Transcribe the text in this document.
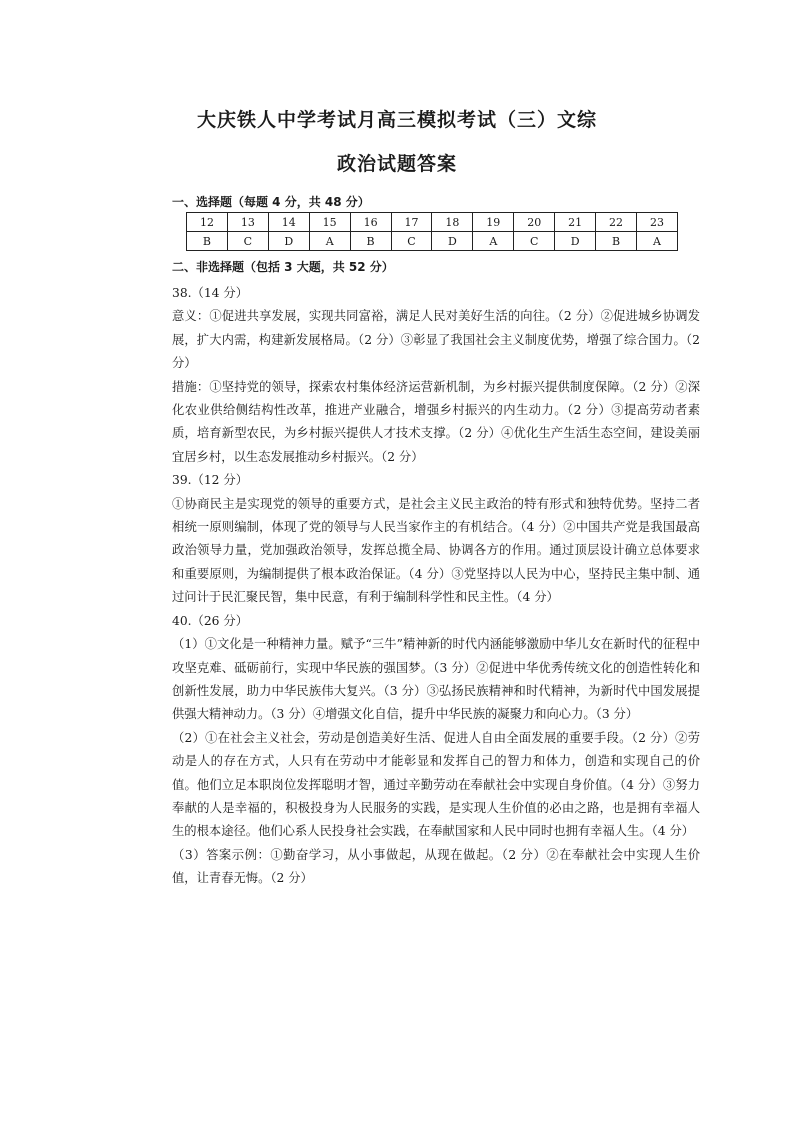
大庆铁人中学考试月高三模拟考试（三）文综
政治试题答案
一、选择题（每题 4 分，共 48 分）
12	13	14	15	16	17	18	19	20	21	22	23
B	C	D	A	B	C	D	A	C	D	B	A
二、非选择题（包括 3 大题，共 52 分）

38.（14 分）

意义：①促进共享发展，实现共同富裕，满足人民对美好生活的向往。（2 分）②促进城乡协调发展，扩大内需，构建新发展格局。（2 分）③彰显了我国社会主义制度优势，增强了综合国力。（2 分）

措施：①坚持党的领导，探索农村集体经济运营新机制，为乡村振兴提供制度保障。（2 分）②深化农业供给侧结构性改革，推进产业融合，增强乡村振兴的内生动力。（2 分）③提高劳动者素质，培育新型农民，为乡村振兴提供人才技术支撑。（2 分）④优化生产生活生态空间，建设美丽宜居乡村，以生态发展推动乡村振兴。（2 分）

39.（12 分）

①协商民主是实现党的领导的重要方式，是社会主义民主政治的特有形式和独特优势。坚持二者相统一原则编制，体现了党的领导与人民当家作主的有机结合。（4 分）②中国共产党是我国最高政治领导力量，党加强政治领导，发挥总揽全局、协调各方的作用。通过顶层设计确立总体要求和重要原则，为编制提供了根本政治保证。（4 分）③党坚持以人民为中心，坚持民主集中制、通过问计于民汇聚民智，集中民意，有利于编制科学性和民主性。（4 分）

40.（26 分）

（1）①文化是一种精神力量。赋予“三牛”精神新的时代内涵能够激励中华儿女在新时代的征程中攻坚克难、砥砺前行，实现中华民族的强国梦。（3 分）②促进中华优秀传统文化的创造性转化和创新性发展，助力中华民族伟大复兴。（3 分）③弘扬民族精神和时代精神，为新时代中国发展提供强大精神动力。（3 分）④增强文化自信，提升中华民族的凝聚力和向心力。（3 分）

（2）①在社会主义社会，劳动是创造美好生活、促进人自由全面发展的重要手段。（2 分）②劳动是人的存在方式，人只有在劳动中才能彰显和发挥自己的智力和体力，创造和实现自己的价值。他们立足本职岗位发挥聪明才智，通过辛勤劳动在奉献社会中实现自身价值。（4 分）③努力奉献的人是幸福的，积极投身为人民服务的实践，是实现人生价值的必由之路，也是拥有幸福人生的根本途径。他们心系人民投身社会实践，在奉献国家和人民中同时也拥有幸福人生。（4 分）

（3）答案示例：①勤奋学习，从小事做起，从现在做起。（2 分）②在奉献社会中实现人生价值，让青春无悔。（2 分）
